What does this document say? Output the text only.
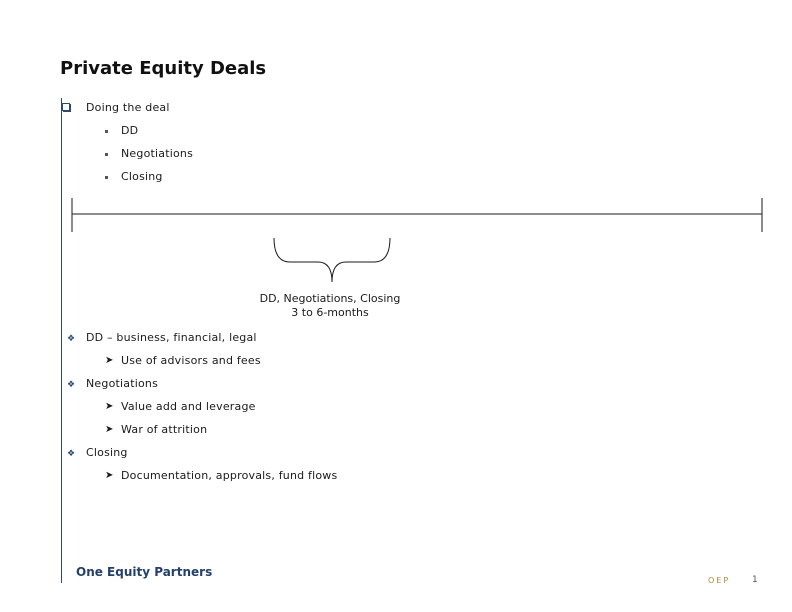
Private Equity Deals
Doing the deal
DD
Negotiations
Closing
DD, Negotiations, Closing
3 to 6-months
❖ DD – business, financial, legal
➤ Use of advisors and fees
❖ Negotiations
➤ Value add and leverage
➤ War of attrition
❖ Closing
➤ Documentation, approvals, fund flows
One Equity Partners
OEP 1
